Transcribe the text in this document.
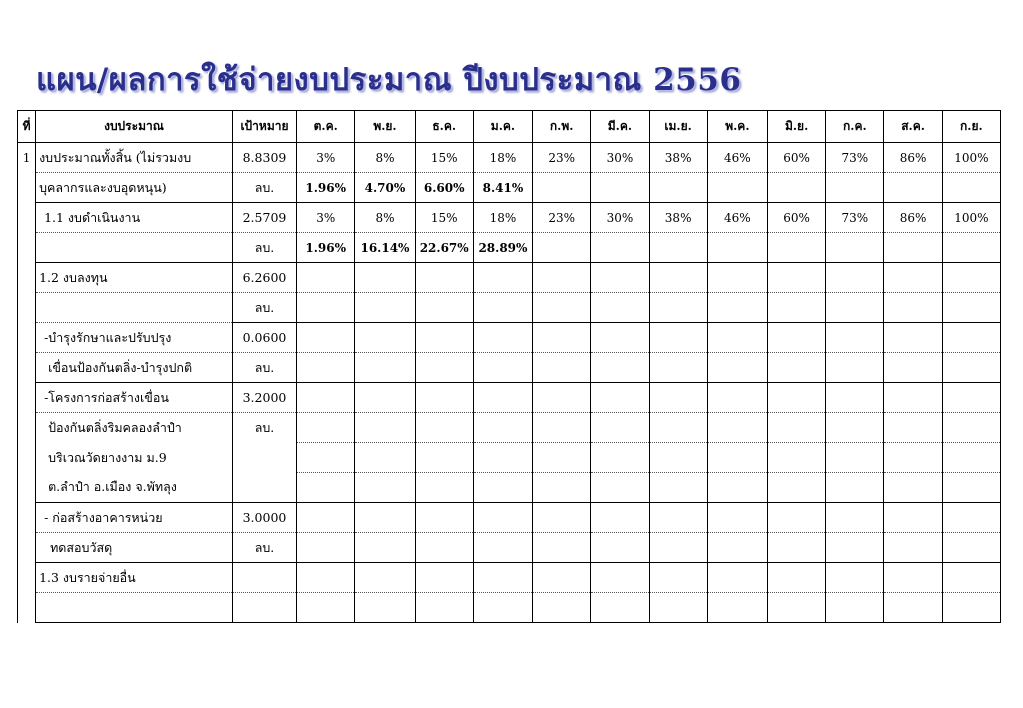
แผน/ผลการใช้จ่ายงบประมาณ ปีงบประมาณ 2556
ที่	งบประมาณ	เป้าหมาย	ต.ค.	พ.ย.	ธ.ค.	ม.ค.	ก.พ.	มี.ค.	เม.ย.	พ.ค.	มิ.ย.	ก.ค.	ส.ค.	ก.ย.
1	งบประมาณทั้งสิ้น (ไม่รวมงบ	8.8309	3%	8%	15%	18%	23%	30%	38%	46%	60%	73%	86%	100%
	บุคลากรและงบอุดหนุน)	ลบ.	1.96%	4.70%	6.60%	8.41%								
	1.1 งบดำเนินงาน	2.5709	3%	8%	15%	18%	23%	30%	38%	46%	60%	73%	86%	100%
		ลบ.	1.96%	16.14%	22.67%	28.89%								
	1.2 งบลงทุน	6.2600												
		ลบ.												
	-บำรุงรักษาและปรับปรุง	0.0600												
	เขื่อนป้องกันตลิ่ง-บำรุงปกติ	ลบ.												
	-โครงการก่อสร้างเขื่อน	3.2000												
	ป้องกันตลิ่งริมคลองลำปำ	ลบ.												
	บริเวณวัดยางงาม ม.9													
	ต.ลำปำ อ.เมือง จ.พัทลุง													
	- ก่อสร้างอาคารหน่วย	3.0000												
	ทดสอบวัสดุ	ลบ.												
	1.3 งบรายจ่ายอื่น													
